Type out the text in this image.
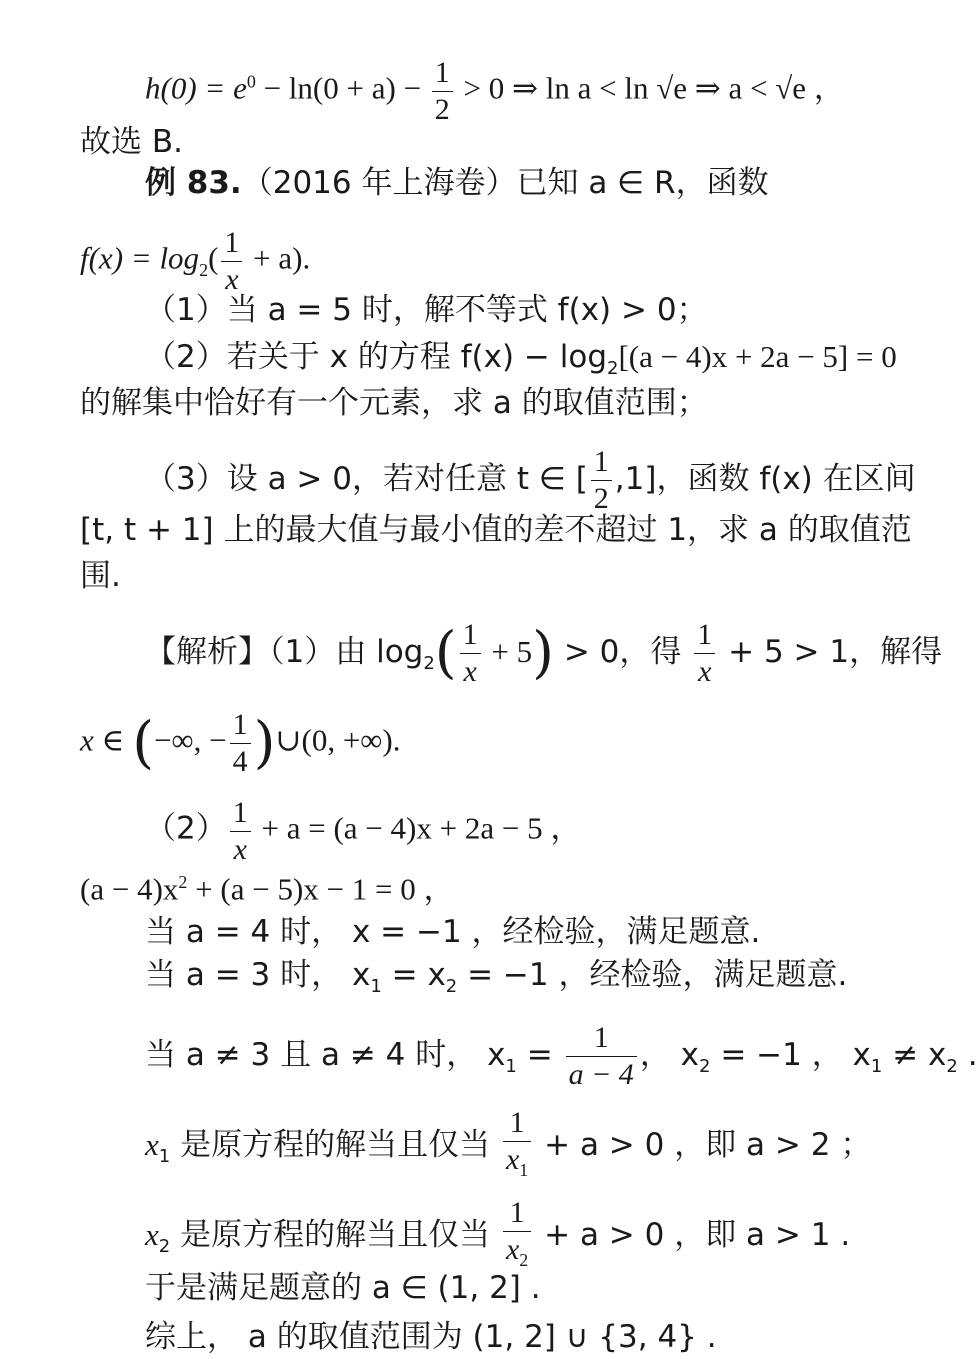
$h(0) = e^0 - \ln(0 + a) - \frac{1}{2} > 0$ ⇒ ln a < ln √e ⇒ a < √e ，
故选 B.
例 83.（2016 年上海卷）已知 a ∈ R，函数
$f(x) = \log_2( \frac{1}{x} + a)$.
（1）当 a = 5 时，解不等式 f(x) > 0；
（2）若关于 x 的方程 $f(x) - \log_2[(a - 4)x + 2a - 5] = 0$
的解集中恰好有一个元素，求 a 的取值范围；
（3）设 a > 0，若对任意 t ∈ [ $\frac{1}{2} ,1$]，函数 f(x) 在区间
[t, t + 1] 上的最大值与最小值的差不超过 1，求 a 的取值范
围.
【解析】（1）由 $\log_2( \frac{1}{x} + 5) > 0$，得 $\frac{1}{x} + 5 > 1$，解得
x ∈ (−∞, − $\frac{1}{4}$ )∪(0, +∞).
$(2) \frac{1}{x} + a = (a - 4)x + 2a - 5$ ，
$(a - 4)x^2 + (a - 5)x - 1 = 0$ ，
当 a = 4 时， x = −1 ，经检验，满足题意.
当 a = 3 时， $x_1 = x_2 = -1$ ，经检验，满足题意.
当 a ≠ 3 且 a ≠ 4 时， $x_1 = \frac{1}{a - 4}$ ， $x_2 = -1$ ， $x_1 \ne x_2$ .
$x_1$ 是原方程的解当且仅当 $\frac{1}{x_1} + a > 0$ ，即 a > 2 ；
$x_2$ 是原方程的解当且仅当 $\frac{1}{x_2} + a > 0$ ，即 a > 1 .
于是满足题意的 a ∈ (1, 2] .
综上， a 的取值范围为 (1, 2] ∪ {3, 4} .
